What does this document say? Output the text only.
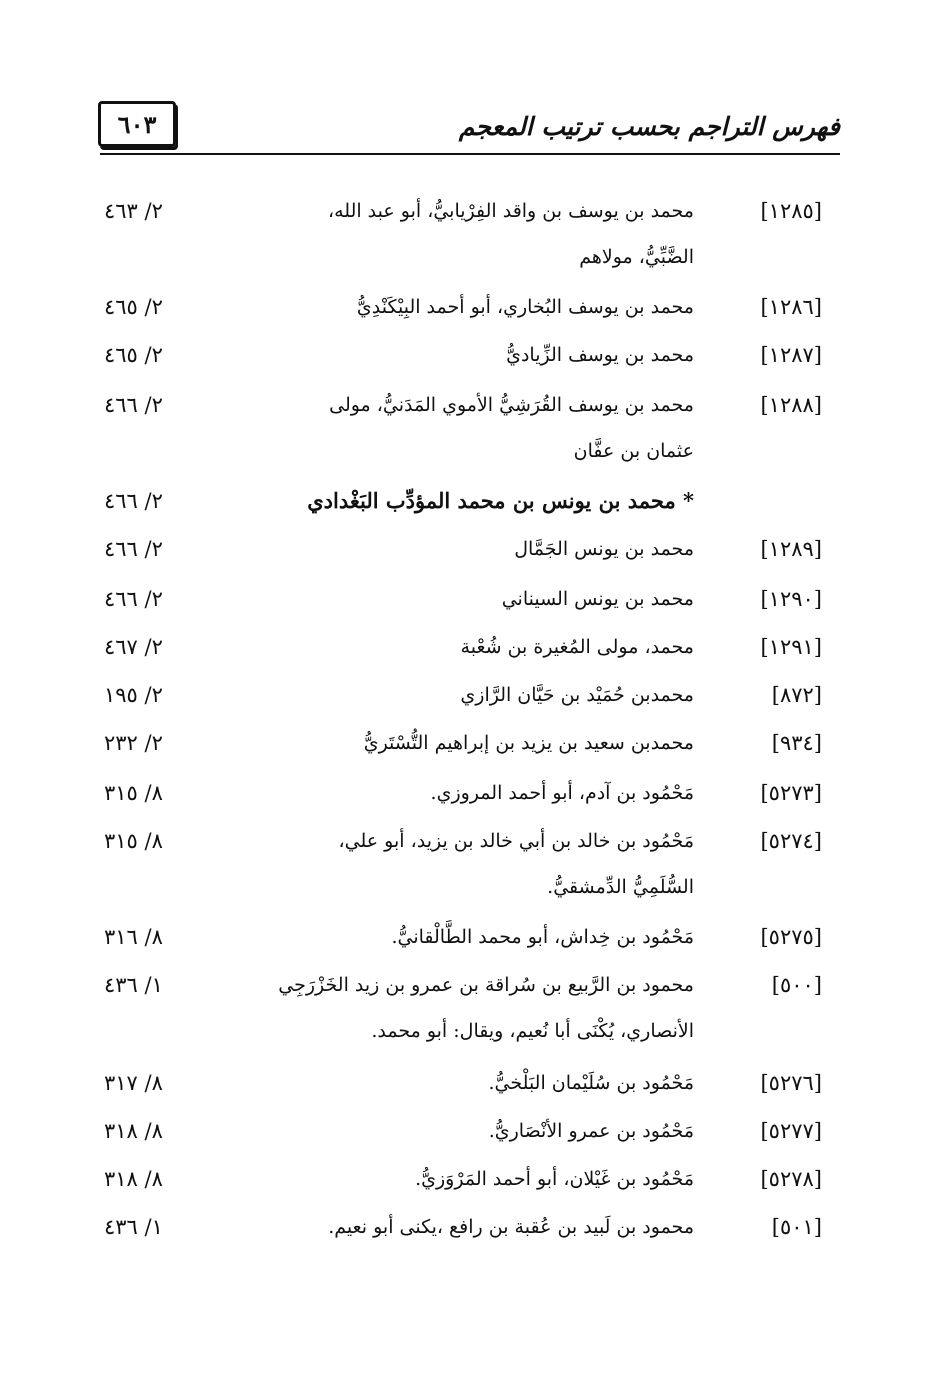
٦٠٣	فهرس التراجم بحسب ترتيب المعجم
[١٢٨٥]
محمد بن يوسف بن واقد الفِرْيابيُّ، أبو عبد الله،
الضَّبِّيُّ، مولاهم
٢/ ٤٦٣
[١٢٨٦]
محمد بن يوسف البُخاري، أبو أحمد البِيْكَنْدِيُّ
٢/ ٤٦٥
[١٢٨٧]
محمد بن يوسف الزِّياديُّ
٢/ ٤٦٥
[١٢٨٨]
محمد بن يوسف القُرَشِيُّ الأموي المَدَنيُّ، مولى
عثمان بن عفَّان
٢/ ٤٦٦
* محمد بن يونس بن محمد المؤدِّب البَغْدادي
٢/ ٤٦٦
[١٢٨٩]
محمد بن يونس الجَمَّال
٢/ ٤٦٦
[١٢٩٠]
محمد بن يونس السيناني
٢/ ٤٦٦
[١٢٩١]
محمد، مولى المُغيرة بن شُعْبة
٢/ ٤٦٧
[٨٧٢]
محمدبن حُمَيْد بن حَيَّان الرَّازي
٢/ ١٩٥
[٩٣٤]
محمدبن سعيد بن يزيد بن إبراهيم التُّسْتَريُّ
٢/ ٢٣٢
[٥٢٧٣]
مَحْمُود بن آدم، أبو أحمد المروزي.
٨/ ٣١٥
[٥٢٧٤]
مَحْمُود بن خالد بن أبي خالد بن يزيد، أبو علي،
السُّلَمِيُّ الدِّمشقيُّ.
٨/ ٣١٥
[٥٢٧٥]
مَحْمُود بن خِداش، أبو محمد الطَّالْقانيُّ.
٨/ ٣١٦
[٥٠٠]
محمود بن الرَّبيع بن سُراقة بن عمرو بن زيد الخَزْرَجِي
الأنصاري، يُكْنَى أبا نُعيم، ويقال: أبو محمد.
١/ ٤٣٦
[٥٢٧٦]
مَحْمُود بن سُلَيْمان البَلْخيُّ.
٨/ ٣١٧
[٥٢٧٧]
مَحْمُود بن عمرو الأنْصَاريُّ.
٨/ ٣١٨
[٥٢٧٨]
مَحْمُود بن غَيْلان، أبو أحمد المَرْوَزيُّ.
٨/ ٣١٨
[٥٠١]
محمود بن لَبيد بن عُقبة بن رافع ،يكنى أبو نعيم.
١/ ٤٣٦
